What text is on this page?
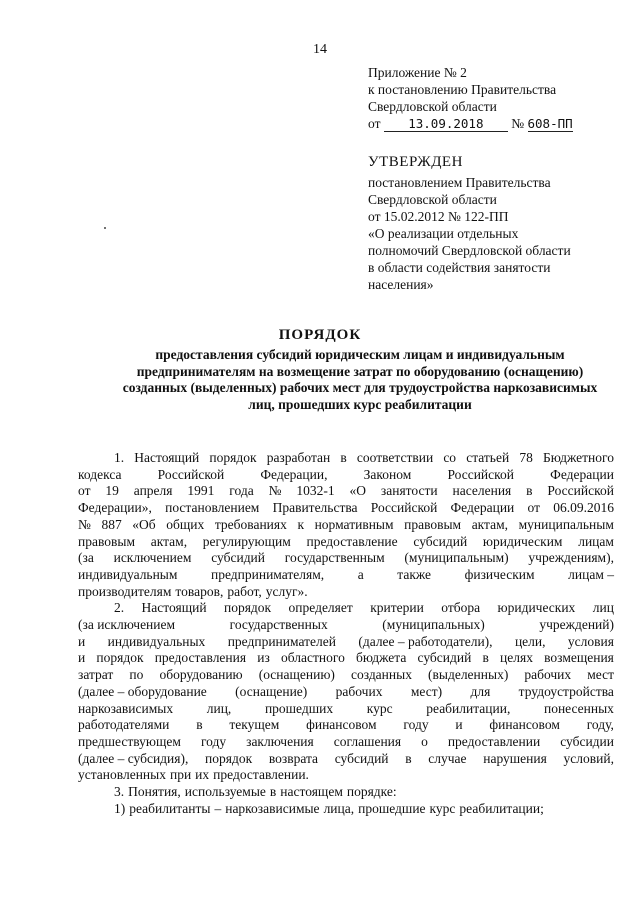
14
Приложение № 2
к постановлению Правительства
Свердловской области
от 13.09.2018 № 608-ПП
УТВЕРЖДЕН
постановлением Правительства
Свердловской области
от 15.02.2012 № 122-ПП
«О реализации отдельных
полномочий Свердловской области
в области содействия занятости
населения»
ПОРЯДОК
предоставления субсидий юридическим лицам и индивидуальным
предпринимателям на возмещение затрат по оборудованию (оснащению)
созданных (выделенных) рабочих мест для трудоустройства наркозависимых
лиц, прошедших курс реабилитации
1. Настоящий порядок разработан в соответствии со статьей 78 Бюджетного
кодекса	Российской	Федерации,	Законом	Российской	Федерации
от 19 апреля 1991 года № 1032-1 «О занятости населения в Российской
Федерации», постановлением Правительства Российской Федерации от 06.09.2016
№ 887 «Об общих требованиях к нормативным правовым актам, муниципальным
правовым актам, регулирующим предоставление субсидий юридическим лицам
(за исключением субсидий государственным (муниципальным) учреждениям),
индивидуальным предпринимателям, а также физическим лицам –
производителям товаров, работ, услуг».
2. Настоящий порядок определяет критерии отбора юридических лиц
(за исключением	государственных	(муниципальных)	учреждений)
и индивидуальных предпринимателей (далее – работодатели), цели, условия
и порядок предоставления из областного бюджета субсидий в целях возмещения
затрат по оборудованию (оснащению) созданных (выделенных) рабочих мест
(далее – оборудование (оснащение) рабочих мест) для трудоустройства
наркозависимых лиц, прошедших курс реабилитации, понесенных
работодателями в текущем финансовом году и финансовом году,
предшествующем году заключения соглашения о предоставлении субсидии
(далее – субсидия), порядок возврата субсидий в случае нарушения условий,
установленных при их предоставлении.
3. Понятия, используемые в настоящем порядке:
1) реабилитанты – наркозависимые лица, прошедшие курс реабилитации;
